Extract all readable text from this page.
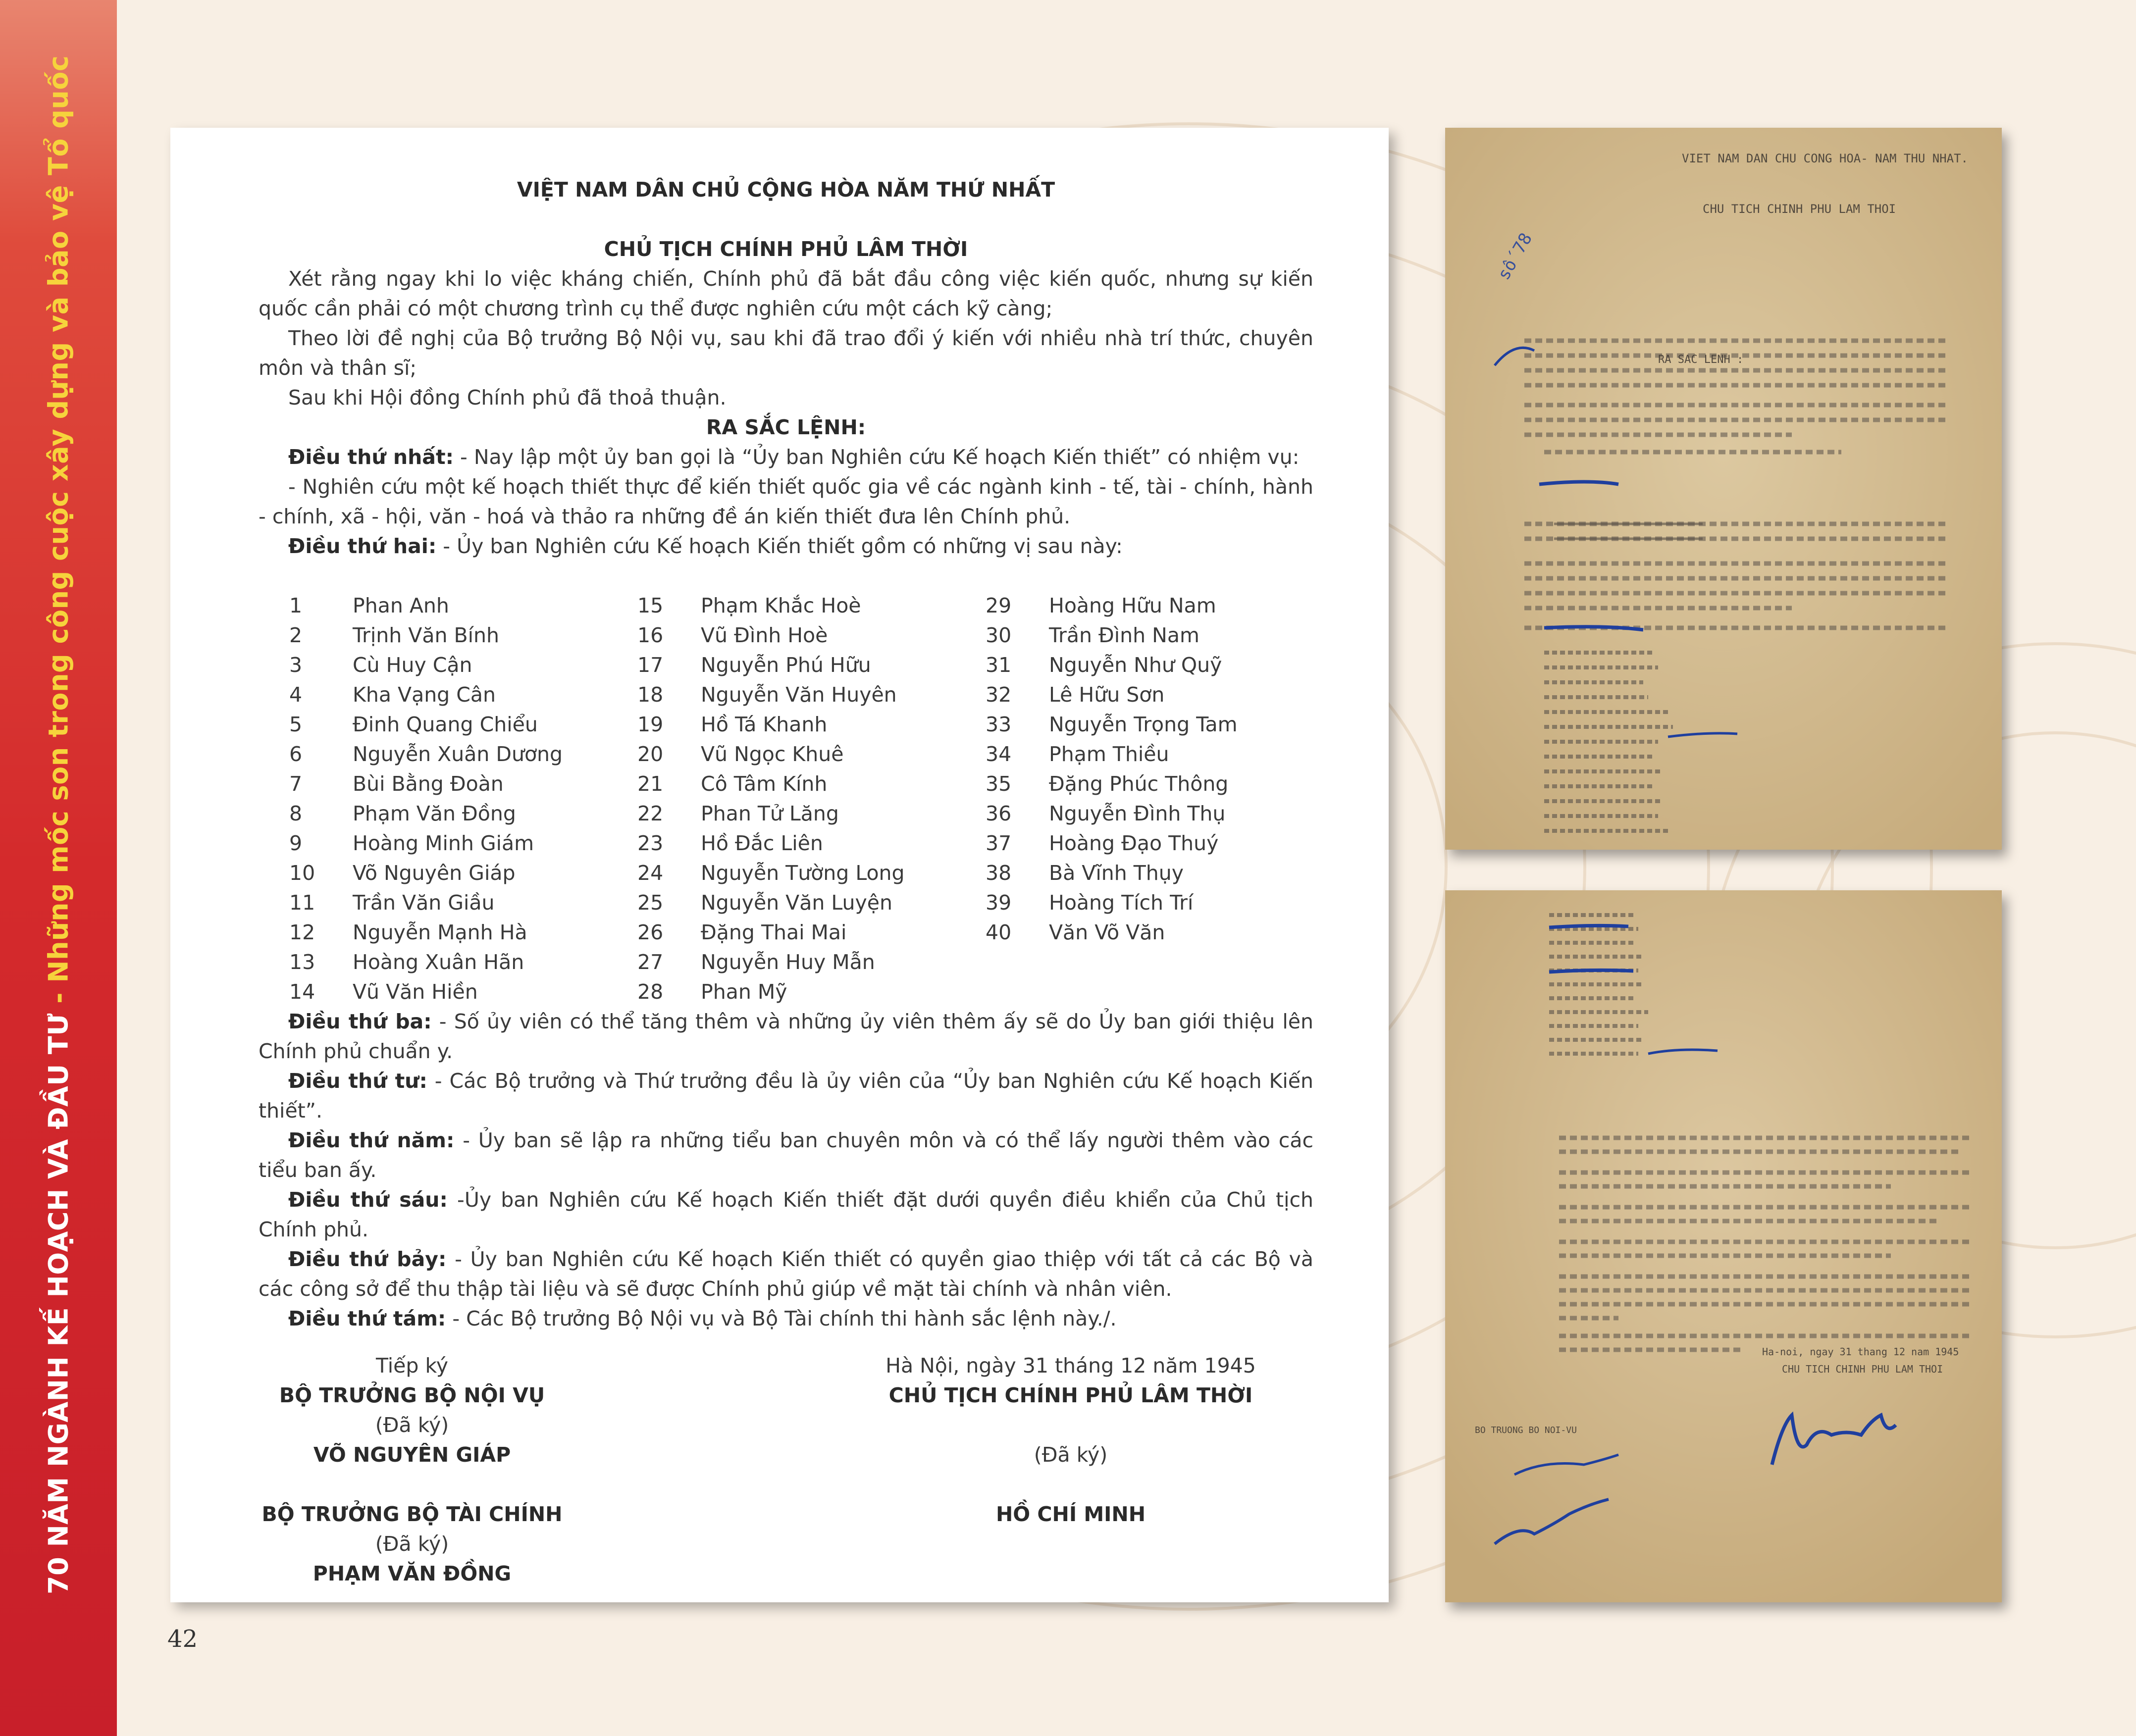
70 NĂM NGÀNH KẾ HOẠCH VÀ ĐẦU TƯ - Những mốc son trong công cuộc xây dựng và bảo vệ Tổ quốc
42
VIỆT NAM DÂN CHỦ CỘNG HÒA NĂM THỨ NHẤT
CHỦ TỊCH CHÍNH PHỦ LÂM THỜI

Xét rằng ngay khi lo việc kháng chiến, Chính phủ đã bắt đầu công việc kiến quốc, nhưng sự kiến quốc cần phải có một chương trình cụ thể được nghiên cứu một cách kỹ càng;

Theo lời đề nghị của Bộ trưởng Bộ Nội vụ, sau khi đã trao đổi ý kiến với nhiều nhà trí thức, chuyên môn và thân sĩ;

Sau khi Hội đồng Chính phủ đã thoả thuận.

RA SẮC LỆNH:

Điều thứ nhất: - Nay lập một ủy ban gọi là “Ủy ban Nghiên cứu Kế hoạch Kiến thiết” có nhiệm vụ:

- Nghiên cứu một kế hoạch thiết thực để kiến thiết quốc gia về các ngành kinh - tế, tài - chính, hành - chính, xã - hội, văn - hoá và thảo ra những đề án kiến thiết đưa lên Chính phủ.

Điều thứ hai: - Ủy ban Nghiên cứu Kế hoạch Kiến thiết gồm có những vị sau này:

1	Phan Anh	15	Phạm Khắc Hoè	29	Hoàng Hữu Nam
2	Trịnh Văn Bính	16	Vũ Đình Hoè	30	Trần Đình Nam
3	Cù Huy Cận	17	Nguyễn Phú Hữu	31	Nguyễn Như Quỹ
4	Kha Vạng Cân	18	Nguyễn Văn Huyên	32	Lê Hữu Sơn
5	Đinh Quang Chiểu	19	Hồ Tá Khanh	33	Nguyễn Trọng Tam
6	Nguyễn Xuân Dương	20	Vũ Ngọc Khuê	34	Phạm Thiều
7	Bùi Bằng Đoàn	21	Cô Tâm Kính	35	Đặng Phúc Thông
8	Phạm Văn Đồng	22	Phan Tử Lăng	36	Nguyễn Đình Thụ
9	Hoàng Minh Giám	23	Hồ Đắc Liên	37	Hoàng Đạo Thuý
10	Võ Nguyên Giáp	24	Nguyễn Tường Long	38	Bà Vĩnh Thụy
11	Trần Văn Giầu	25	Nguyễn Văn Luyện	39	Hoàng Tích Trí
12	Nguyễn Mạnh Hà	26	Đặng Thai Mai	40	Văn Võ Văn
13	Hoàng Xuân Hãn	27	Nguyễn Huy Mẫn
14	Vũ Văn Hiền	28	Phan Mỹ

Điều thứ ba: - Số ủy viên có thể tăng thêm và những ủy viên thêm ấy sẽ do Ủy ban giới thiệu lên Chính phủ chuẩn y.

Điều thứ tư: - Các Bộ trưởng và Thứ trưởng đều là ủy viên của “Ủy ban Nghiên cứu Kế hoạch Kiến thiết”.

Điều thứ năm: - Ủy ban sẽ lập ra những tiểu ban chuyên môn và có thể lấy người thêm vào các tiểu ban ấy.

Điều thứ sáu: -Ủy ban Nghiên cứu Kế hoạch Kiến thiết đặt dưới quyền điều khiển của Chủ tịch Chính phủ.

Điều thứ bảy: - Ủy ban Nghiên cứu Kế hoạch Kiến thiết có quyền giao thiệp với tất cả các Bộ và các công sở để thu thập tài liệu và sẽ được Chính phủ giúp về mặt tài chính và nhân viên.

Điều thứ tám: - Các Bộ trưởng Bộ Nội vụ và Bộ Tài chính thi hành sắc lệnh này./.

Tiếp ký
BỘ TRƯỞNG BỘ NỘI VỤ
(Đã ký)
VÕ NGUYÊN GIÁP
BỘ TRƯỞNG BỘ TÀI CHÍNH
(Đã ký)
PHẠM VĂN ĐỒNG
Hà Nội, ngày 31 tháng 12 năm 1945
CHỦ TỊCH CHÍNH PHỦ LÂM THỜI
(Đã ký)
HỒ CHÍ MINH
VIET NAM DAN CHU CONG HOA- NAM THU NHAT.
CHU TICH CHINH PHU LAM THOI
số 78
RA SAC LENH :
Ha-noi, ngay 31 thang 12 nam 1945
CHU TICH CHINH PHU LAM THOI
BO TRUONG BO NOI-VU
